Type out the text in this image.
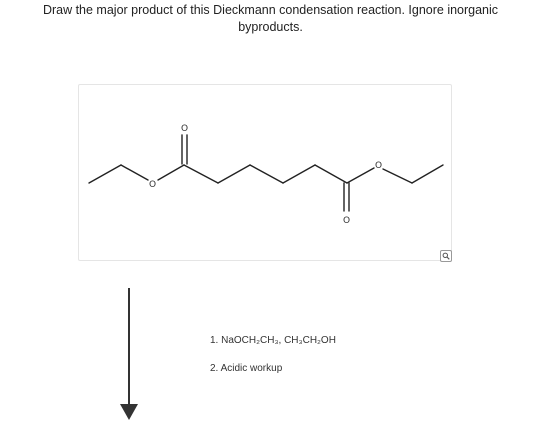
Draw the major product of this Dieckmann condensation reaction. Ignore inorganic
byproducts.
O
O
O
O
1. NaOCH₂CH₃, CH₃CH₂OH
2. Acidic workup
